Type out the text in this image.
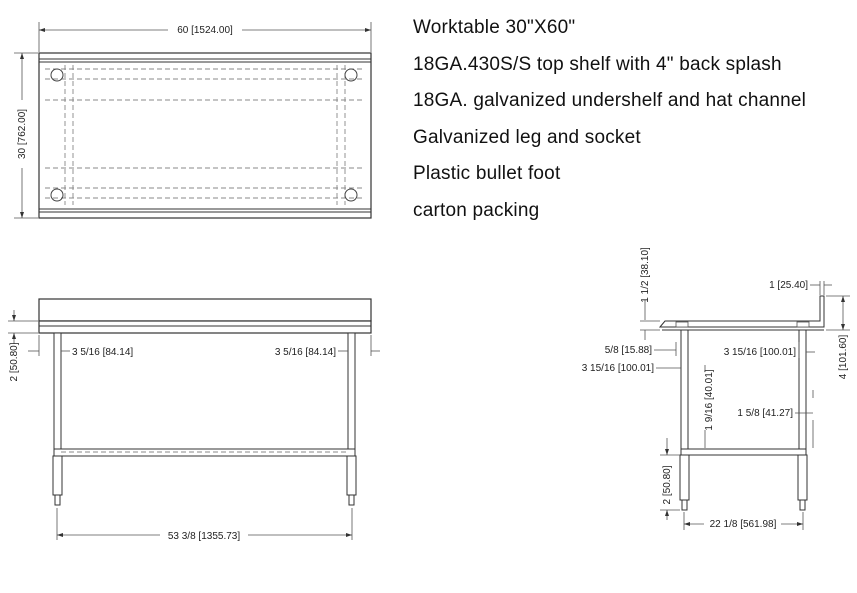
Worktable 30"X60"
18GA.430S/S top shelf with 4" back splash
18GA. galvanized undershelf and hat channel
Galvanized leg and socket
Plastic bullet foot
carton packing
60 [1524.00]
30 [762.00]
2 [50.80]	3 5/16 [84.14]	3 5/16 [84.14]
53 3/8 [1355.73]
1 1/2 [38.10]	1 [25.40]
4 [101.60]
5/8 [15.88]
3 15/16 [100.01]
3 15/16 [100.01]
1 9/16 [40.01] 1 5/8 [41.27]
2 [50.80]
22 1/8 [561.98]
